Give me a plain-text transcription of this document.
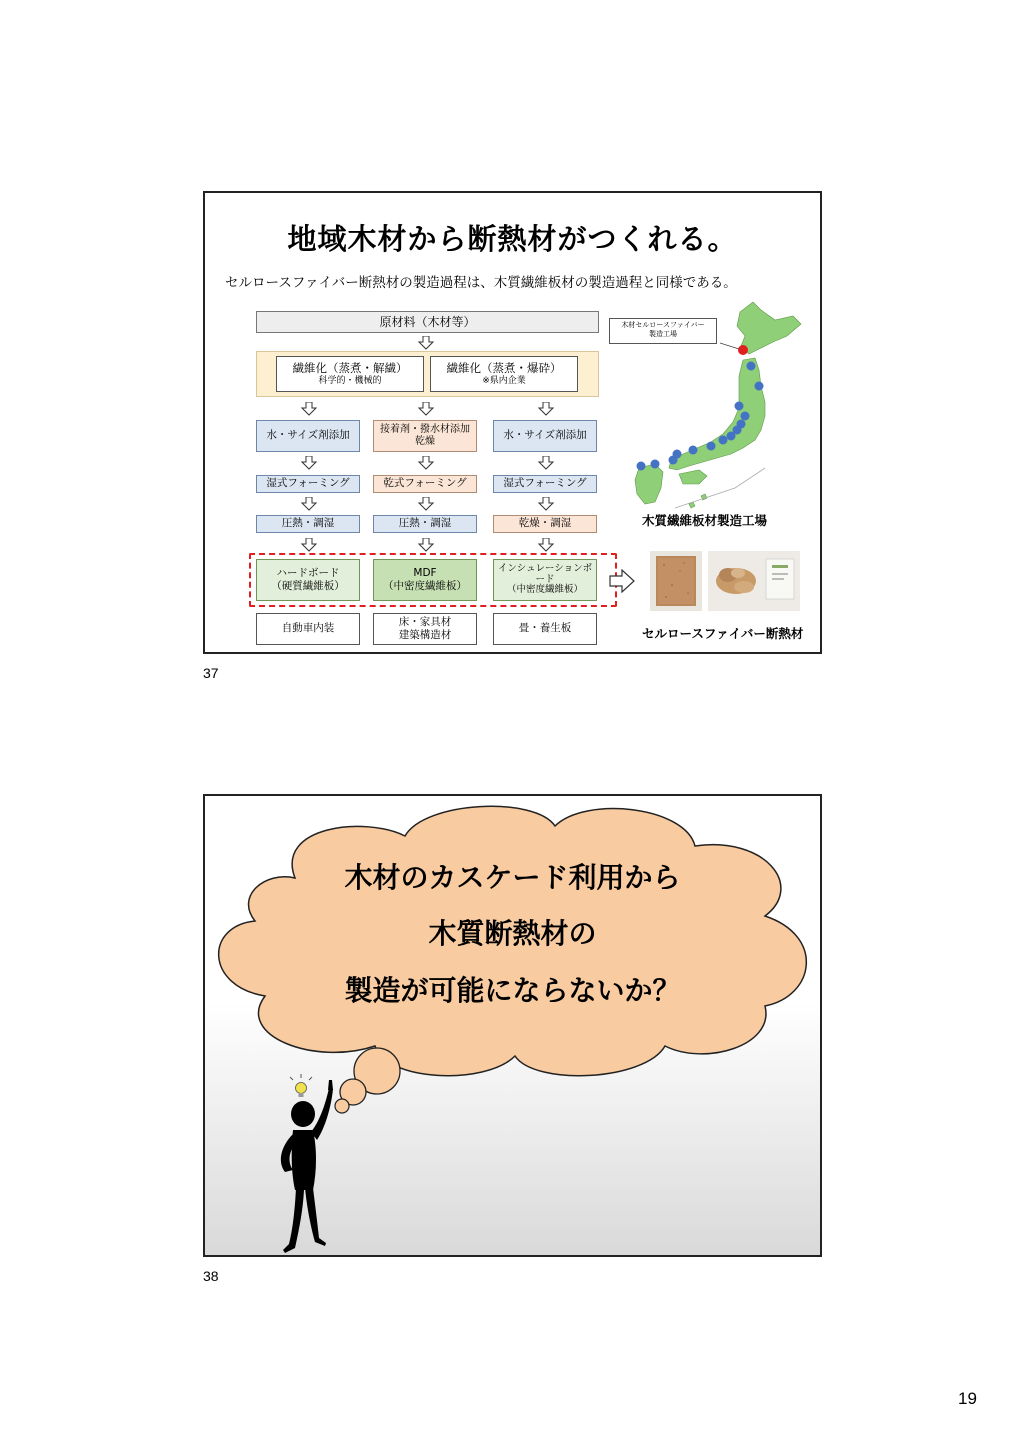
地域木材から断熱材がつくれる。
セルロースファイバー断熱材の製造過程は、木質繊維板材の製造過程と同様である。
原材料（木材等）
繊維化（蒸煮・解繊）
科学的・機械的
繊維化（蒸煮・爆砕）
※県内企業
水・サイズ剤添加
接着剤・撥水材添加
乾燥
水・サイズ剤添加
湿式フォーミング	乾式フォーミング	湿式フォーミング
圧熱・調湿	圧熱・調湿	乾燥・調湿
ハードボード
（硬質繊維板）
MDF
（中密度繊維板）
インシュレーションボ
ード
（中密度繊維板）
自動車内装
床・家具材
建築構造材
畳・養生板
木材セルロースファイバー
製造工場
木質繊維板材製造工場
セルロースファイバー断熱材
37
木材のカスケード利用から
木質断熱材の
製造が可能にならないか？
38
19
